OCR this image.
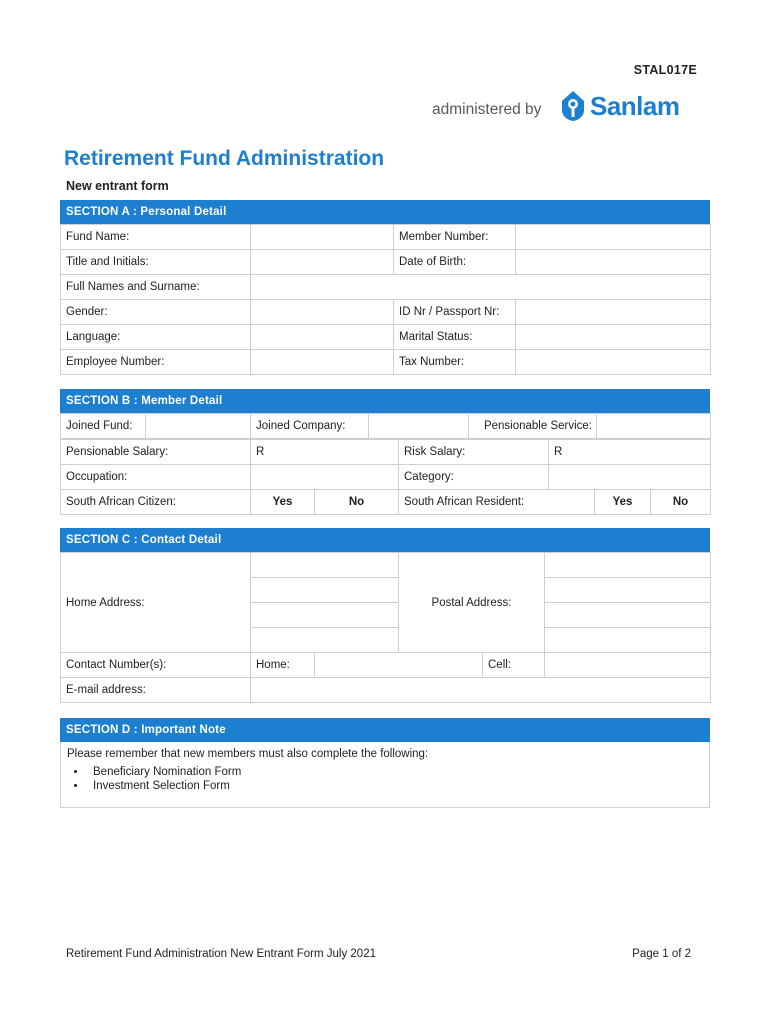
STAL017E
administered by Sanlam
Retirement Fund Administration
New entrant form
SECTION A : Personal Detail
Fund Name:		Member Number:	
Title and Initials:		Date of Birth:	
Full Names and Surname:			
Gender:		ID Nr / Passport Nr:	
Language:		Marital Status:	
Employee Number:		Tax Number:	
SECTION B : Member Detail
Joined Fund:		Joined Company:		Pensionable Service:	
Pensionable Salary:	R		Risk Salary:	R		
Occupation:			Category:			
South African Citizen:	Yes	No	South African Resident:		Yes	No
SECTION C : Contact Detail
Home Address:			Postal Address:		

Contact Number(s):	Home:			Cell:	
E-mail address:					
SECTION D : Important Note
Please remember that new members must also complete the following:
• Beneficiary Nomination Form
• Investment Selection Form
Retirement Fund Administration New Entrant Form July 2021	Page 1 of 2
